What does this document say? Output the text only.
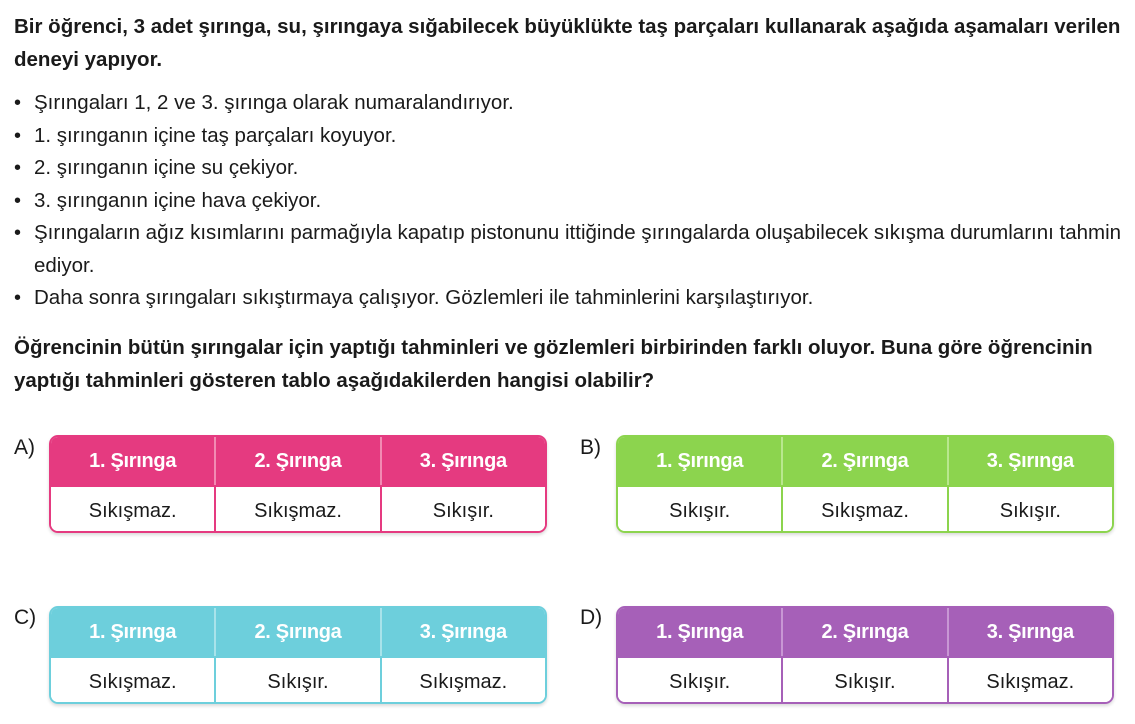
Bir öğrenci, 3 adet şırınga, su, şırıngaya sığabilecek büyüklükte taş parçaları kullanarak aşağıda aşamaları verilen deneyi yapıyor.

• Şırıngaları 1, 2 ve 3. şırınga olarak numaralandırıyor.
• 1. şırınganın içine taş parçaları koyuyor.
• 2. şırınganın içine su çekiyor.
• 3. şırınganın içine hava çekiyor.
• Şırıngaların ağız kısımlarını parmağıyla kapatıp pistonunu ittiğinde şırıngalarda oluşabilecek sıkışma durumlarını tahmin ediyor.
• Daha sonra şırıngaları sıkıştırmaya çalışıyor. Gözlemleri ile tahminlerini karşılaştırıyor.

Öğrencinin bütün şırıngalar için yaptığı tahminleri ve gözlemleri birbirinden farklı oluyor. Buna göre öğrencinin yaptığı tahminleri gösteren tablo aşağıdakilerden hangisi olabilir?

A)
1. Şırınga	2. Şırınga	3. Şırınga
Sıkışmaz.	Sıkışmaz.	Sıkışır.
B)
1. Şırınga	2. Şırınga	3. Şırınga
Sıkışır.	Sıkışmaz.	Sıkışır.
C)
1. Şırınga	2. Şırınga	3. Şırınga
Sıkışmaz.	Sıkışır.	Sıkışmaz.
D)
1. Şırınga	2. Şırınga	3. Şırınga
Sıkışır.	Sıkışır.	Sıkışmaz.
